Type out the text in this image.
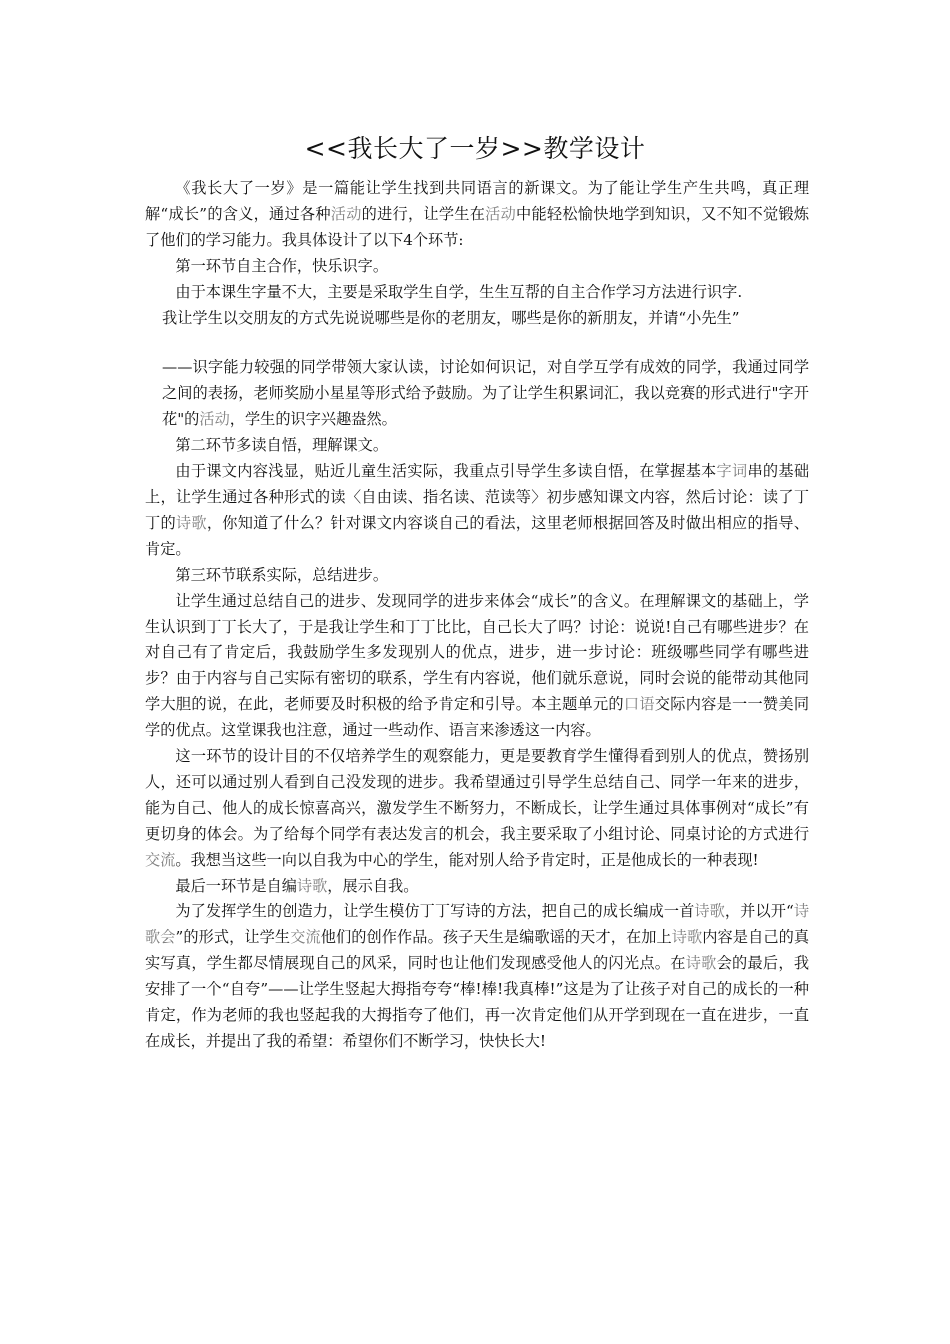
<<我长大了一岁>>教学设计

《我长大了一岁》是一篇能让学生找到共同语言的新课文。为了能让学生产生共鸣，真正理解“成长”的含义，通过各种活动的进行，让学生在活动中能轻松愉快地学到知识，又不知不觉锻炼了他们的学习能力。我具体设计了以下4个环节:

第一环节自主合作，快乐识字。

由于本课生字量不大，主要是采取学生自学，生生互帮的自主合作学习方法进行识字.

我让学生以交朋友的方式先说说哪些是你的老朋友，哪些是你的新朋友，并请“小先生”

——识字能力较强的同学带领大家认读，讨论如何识记，对自学互学有成效的同学，我通过同学之间的表扬，老师奖励小星星等形式给予鼓励。为了让学生积累词汇，我以竞赛的形式进行"字开花"的活动，学生的识字兴趣盎然。

第二环节多读自悟，理解课文。

由于课文内容浅显，贴近儿童生活实际，我重点引导学生多读自悟，在掌握基本字词串的基础上，让学生通过各种形式的读〈自由读、指名读、范读等〉初步感知课文内容，然后讨论：读了丁丁的诗歌，你知道了什么？针对课文内容谈自己的看法，这里老师根据回答及时做出相应的指导、肯定。

第三环节联系实际，总结进步。

让学生通过总结自己的进步、发现同学的进步来体会“成长”的含义。在理解课文的基础上，学生认识到丁丁长大了，于是我让学生和丁丁比比，自己长大了吗？讨论：说说!自己有哪些进步？在对自己有了肯定后，我鼓励学生多发现别人的优点，进步，进一步讨论：班级哪些同学有哪些进步？由于内容与自己实际有密切的联系，学生有内容说，他们就乐意说，同时会说的能带动其他同学大胆的说，在此，老师要及时积极的给予肯定和引导。本主题单元的口语交际内容是一一赞美同学的优点。这堂课我也注意，通过一些动作、语言来渗透这一内容。

这一环节的设计目的不仅培养学生的观察能力，更是要教育学生懂得看到别人的优点，赞扬别人，还可以通过别人看到自己没发现的进步。我希望通过引导学生总结自己、同学一年来的进步，能为自己、他人的成长惊喜高兴，激发学生不断努力，不断成长，让学生通过具体事例对“成长”有更切身的体会。为了给每个同学有表达发言的机会，我主要采取了小组讨论、同桌讨论的方式进行交流。我想当这些一向以自我为中心的学生，能对别人给予肯定时，正是他成长的一种表现!

最后一环节是自编诗歌，展示自我。

为了发挥学生的创造力，让学生模仿丁丁写诗的方法，把自己的成长编成一首诗歌，并以开“诗歌会”的形式，让学生交流他们的创作作品。孩子天生是编歌谣的天才，在加上诗歌内容是自己的真实写真，学生都尽情展现自己的风采，同时也让他们发现感受他人的闪光点。在诗歌会的最后，我安排了一个“自夸”——让学生竖起大拇指夸夸“棒!棒!我真棒!”这是为了让孩子对自己的成长的一种肯定，作为老师的我也竖起我的大拇指夸了他们，再一次肯定他们从开学到现在一直在进步，一直在成长，并提出了我的希望：希望你们不断学习，快快长大!
